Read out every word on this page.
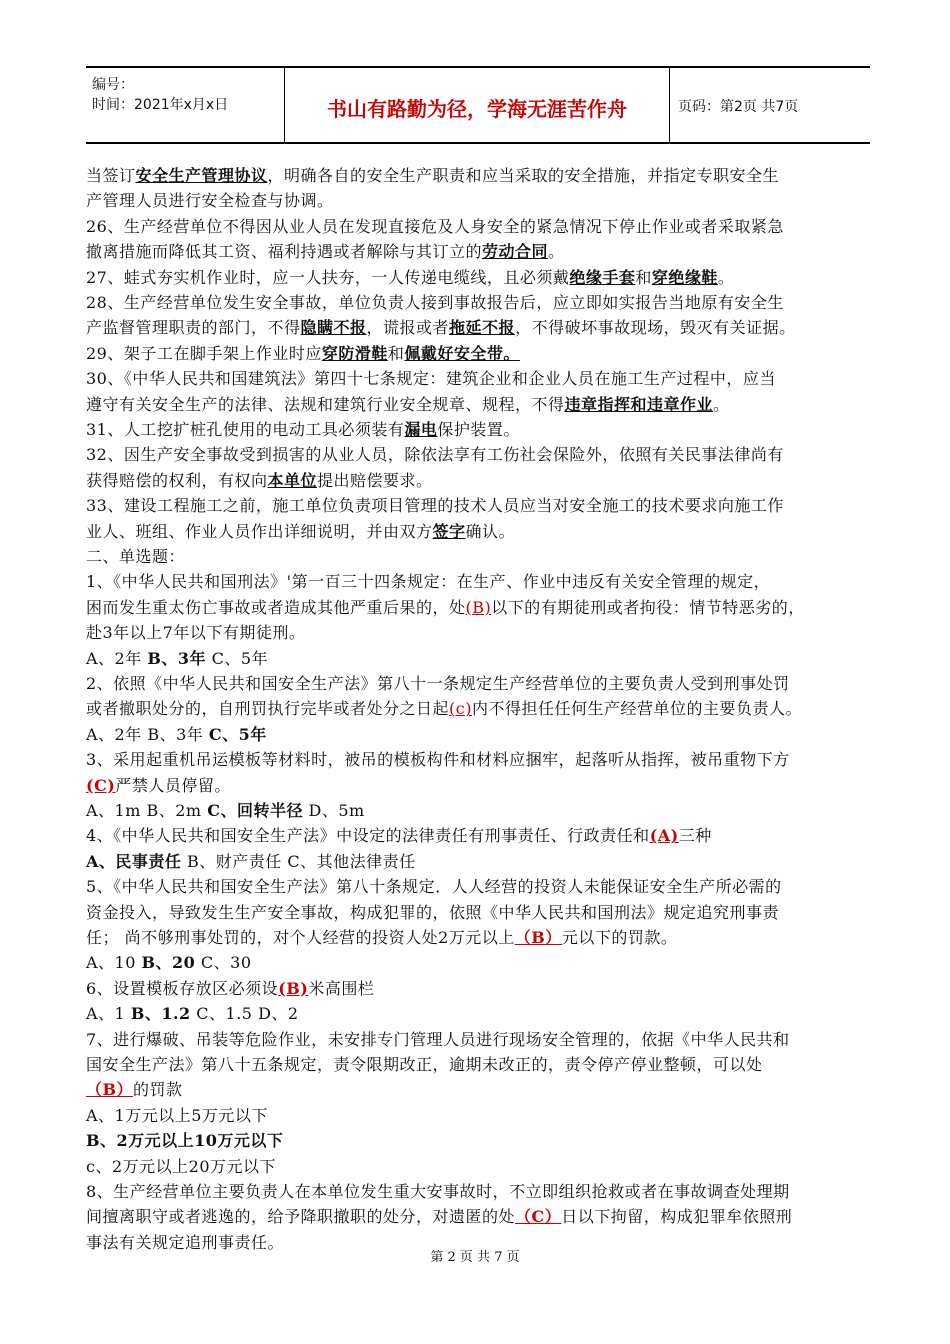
编号：
时间：2021年x月x日	书山有路勤为径，学海无涯苦作舟	页码：第2页 共7页
当签订安全生产管理协议，明确各自的安全生产职责和应当采取的安全措施，并指定专职安全生
产管理人员进行安全检查与协调。
26、生产经营单位不得因从业人员在发现直接危及人身安全的紧急情况下停止作业或者采取紧急
撤离措施而降低其工资、福利持遇或者解除与其订立的劳动合同。
27、蛙式夯实机作业时，应一人扶夯，一人传递电缆线，且必须戴绝缘手套和穿绝缘鞋。
28、生产经营单位发生安全事故，单位负责人接到事故报告后，应立即如实报告当地原有安全生
产监督管理职责的部门，不得隐瞒不报，谎报或者拖延不报，不得破坏事故现场，毁灭有关证据。
29、架子工在脚手架上作业时应穿防滑鞋和佩戴好安全带。
30、《中华人民共和国建筑法》第四十七条规定：建筑企业和企业人员在施工生产过程中，应当
遵守有关安全生产的法律、法规和建筑行业安全规章、规程，不得违章指挥和违章作业。
31、人工挖扩桩孔使用的电动工具必须装有漏电保护装置。
32、因生产安全事故受到损害的从业人员，除依法享有工伤社会保险外，依照有关民事法律尚有
获得赔偿的权利，有权向本单位提出赔偿要求。
33、建设工程施工之前，施工单位负责项目管理的技术人员应当对安全施工的技术要求向施工作
业人、班组、作业人员作出详细说明，并由双方签字确认。
二、单选题：
1、《中华人民共和国刑法》'第一百三十四条规定：在生产、作业中违反有关安全管理的规定，
困而发生重太伤亡事故或者造成其他严重后果的，处(B)以下的有期徒刑或者拘役：情节特恶劣的，
赴3年以上7年以下有期徒刑。
A、2年 B、3年 C、5年
2、依照《中华人民共和国安全生产法》第八十一条规定生产经营单位的主要负责人受到刑事处罚
或者撤职处分的，自刑罚执行完毕或者处分之日起(c)内不得担任任何生产经营单位的主要负责人。
A、2年 B、3年 C、5年
3、采用起重机吊运模板等材料时，被吊的模板构件和材料应捆牢，起落听从指挥，被吊重物下方
(C)严禁人员停留。
A、1m B、2m C、回转半径 D、5m
4、《中华人民共和国安全生产法》中设定的法律责任有刑事责任、行政责任和(A)三种
A、民事责任 B、财产责任 C、其他法律责任
5、《中华人民共和国安全生产法》第八十条规定．人人经营的投资人未能保证安全生产所必需的
资金投入，导致发生生产安全事故，构成犯罪的，依照《中华人民共和国刑法》规定追究刑事责
任； 尚不够刑事处罚的，对个人经营的投资人处2万元以上（B）元以下的罚款。
A、10 B、20 C、30
6、设置模板存放区必须设(B)米高围栏
A、1 B、1.2 C、1.5 D、2
7、进行爆破、吊装等危险作业，未安排专门管理人员进行现场安全管理的，依据《中华人民共和
国安全生产法》第八十五条规定，责令限期改正，逾期未改正的，责令停产停业整顿，可以处
（B）的罚款
A、1万元以上5万元以下
B、2万元以上10万元以下
c、2万元以上20万元以下
8、生产经营单位主要负责人在本单位发生重大安事故时，不立即组织抢救或者在事故调查处理期
间擅离职守或者逃逸的，给予降职撤职的处分，对遗匿的处（C）日以下拘留，构成犯罪牟依照刑
事法有关规定追刑事责任。
第 2 页 共 7 页
